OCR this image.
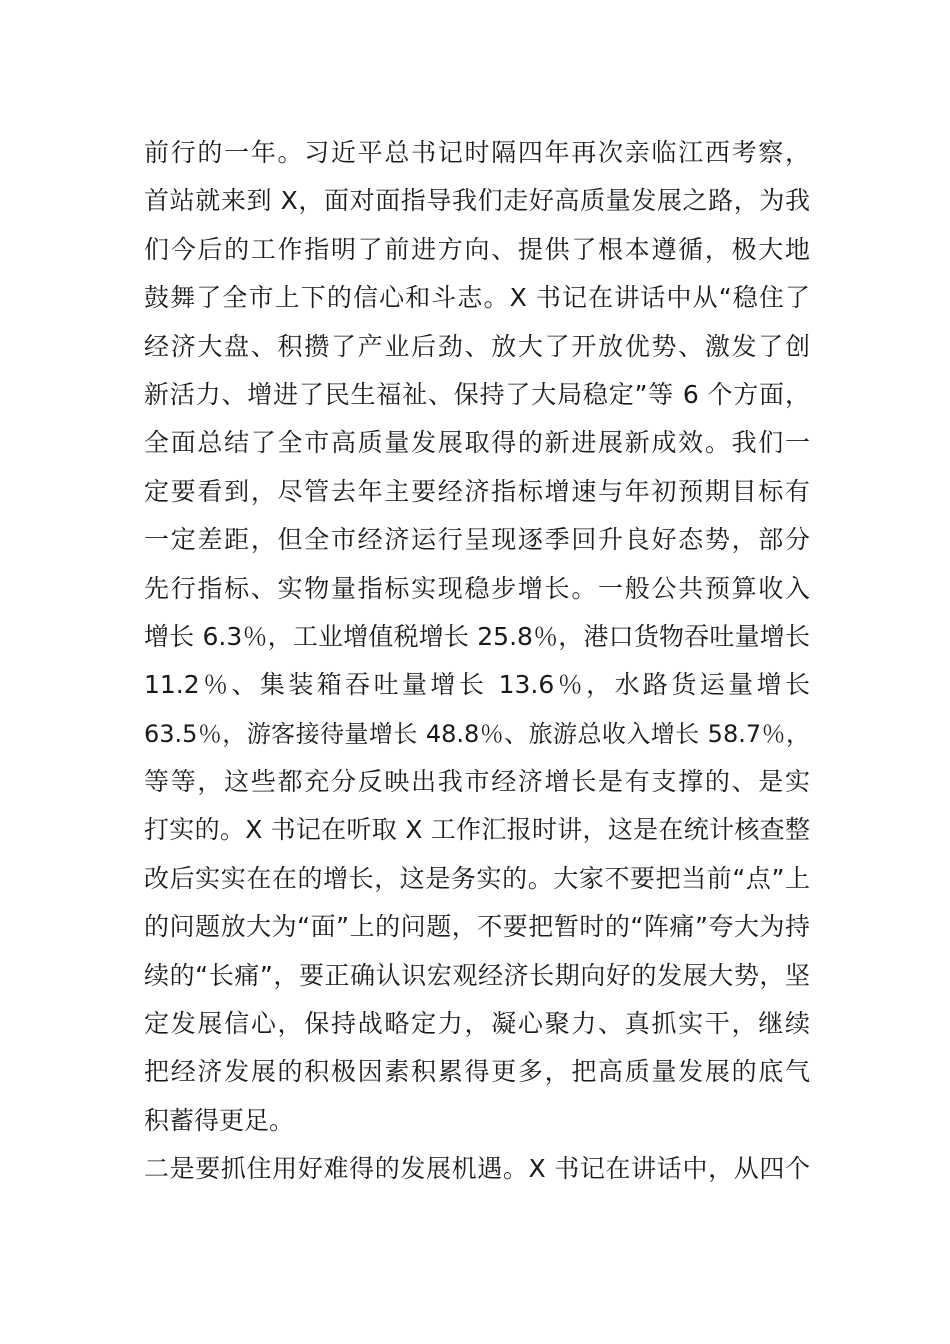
前行的一年。习近平总书记时隔四年再次亲临江西考察，
首站就来到 X，面对面指导我们走好高质量发展之路，为我
们今后的工作指明了前进方向、提供了根本遵循，极大地
鼓舞了全市上下的信心和斗志。X 书记在讲话中从“稳住了
经济大盘、积攒了产业后劲、放大了开放优势、激发了创
新活力、增进了民生福祉、保持了大局稳定”等 6 个方面，
全面总结了全市高质量发展取得的新进展新成效。我们一
定要看到，尽管去年主要经济指标增速与年初预期目标有
一定差距，但全市经济运行呈现逐季回升良好态势，部分
先行指标、实物量指标实现稳步增长。一般公共预算收入
增长 6.3％，工业增值税增长 25.8％，港口货物吞吐量增长
11.2％、集装箱吞吐量增长 13.6％，水路货运量增长
63.5％，游客接待量增长 48.8％、旅游总收入增长 58.7％，
等等，这些都充分反映出我市经济增长是有支撑的、是实
打实的。X 书记在听取 X 工作汇报时讲，这是在统计核查整
改后实实在在的增长，这是务实的。大家不要把当前“点”上
的问题放大为“面”上的问题，不要把暂时的“阵痛”夸大为持
续的“长痛”，要正确认识宏观经济长期向好的发展大势，坚
定发展信心，保持战略定力，凝心聚力、真抓实干，继续
把经济发展的积极因素积累得更多，把高质量发展的底气
积蓄得更足。
二是要抓住用好难得的发展机遇。X 书记在讲话中，从四个
